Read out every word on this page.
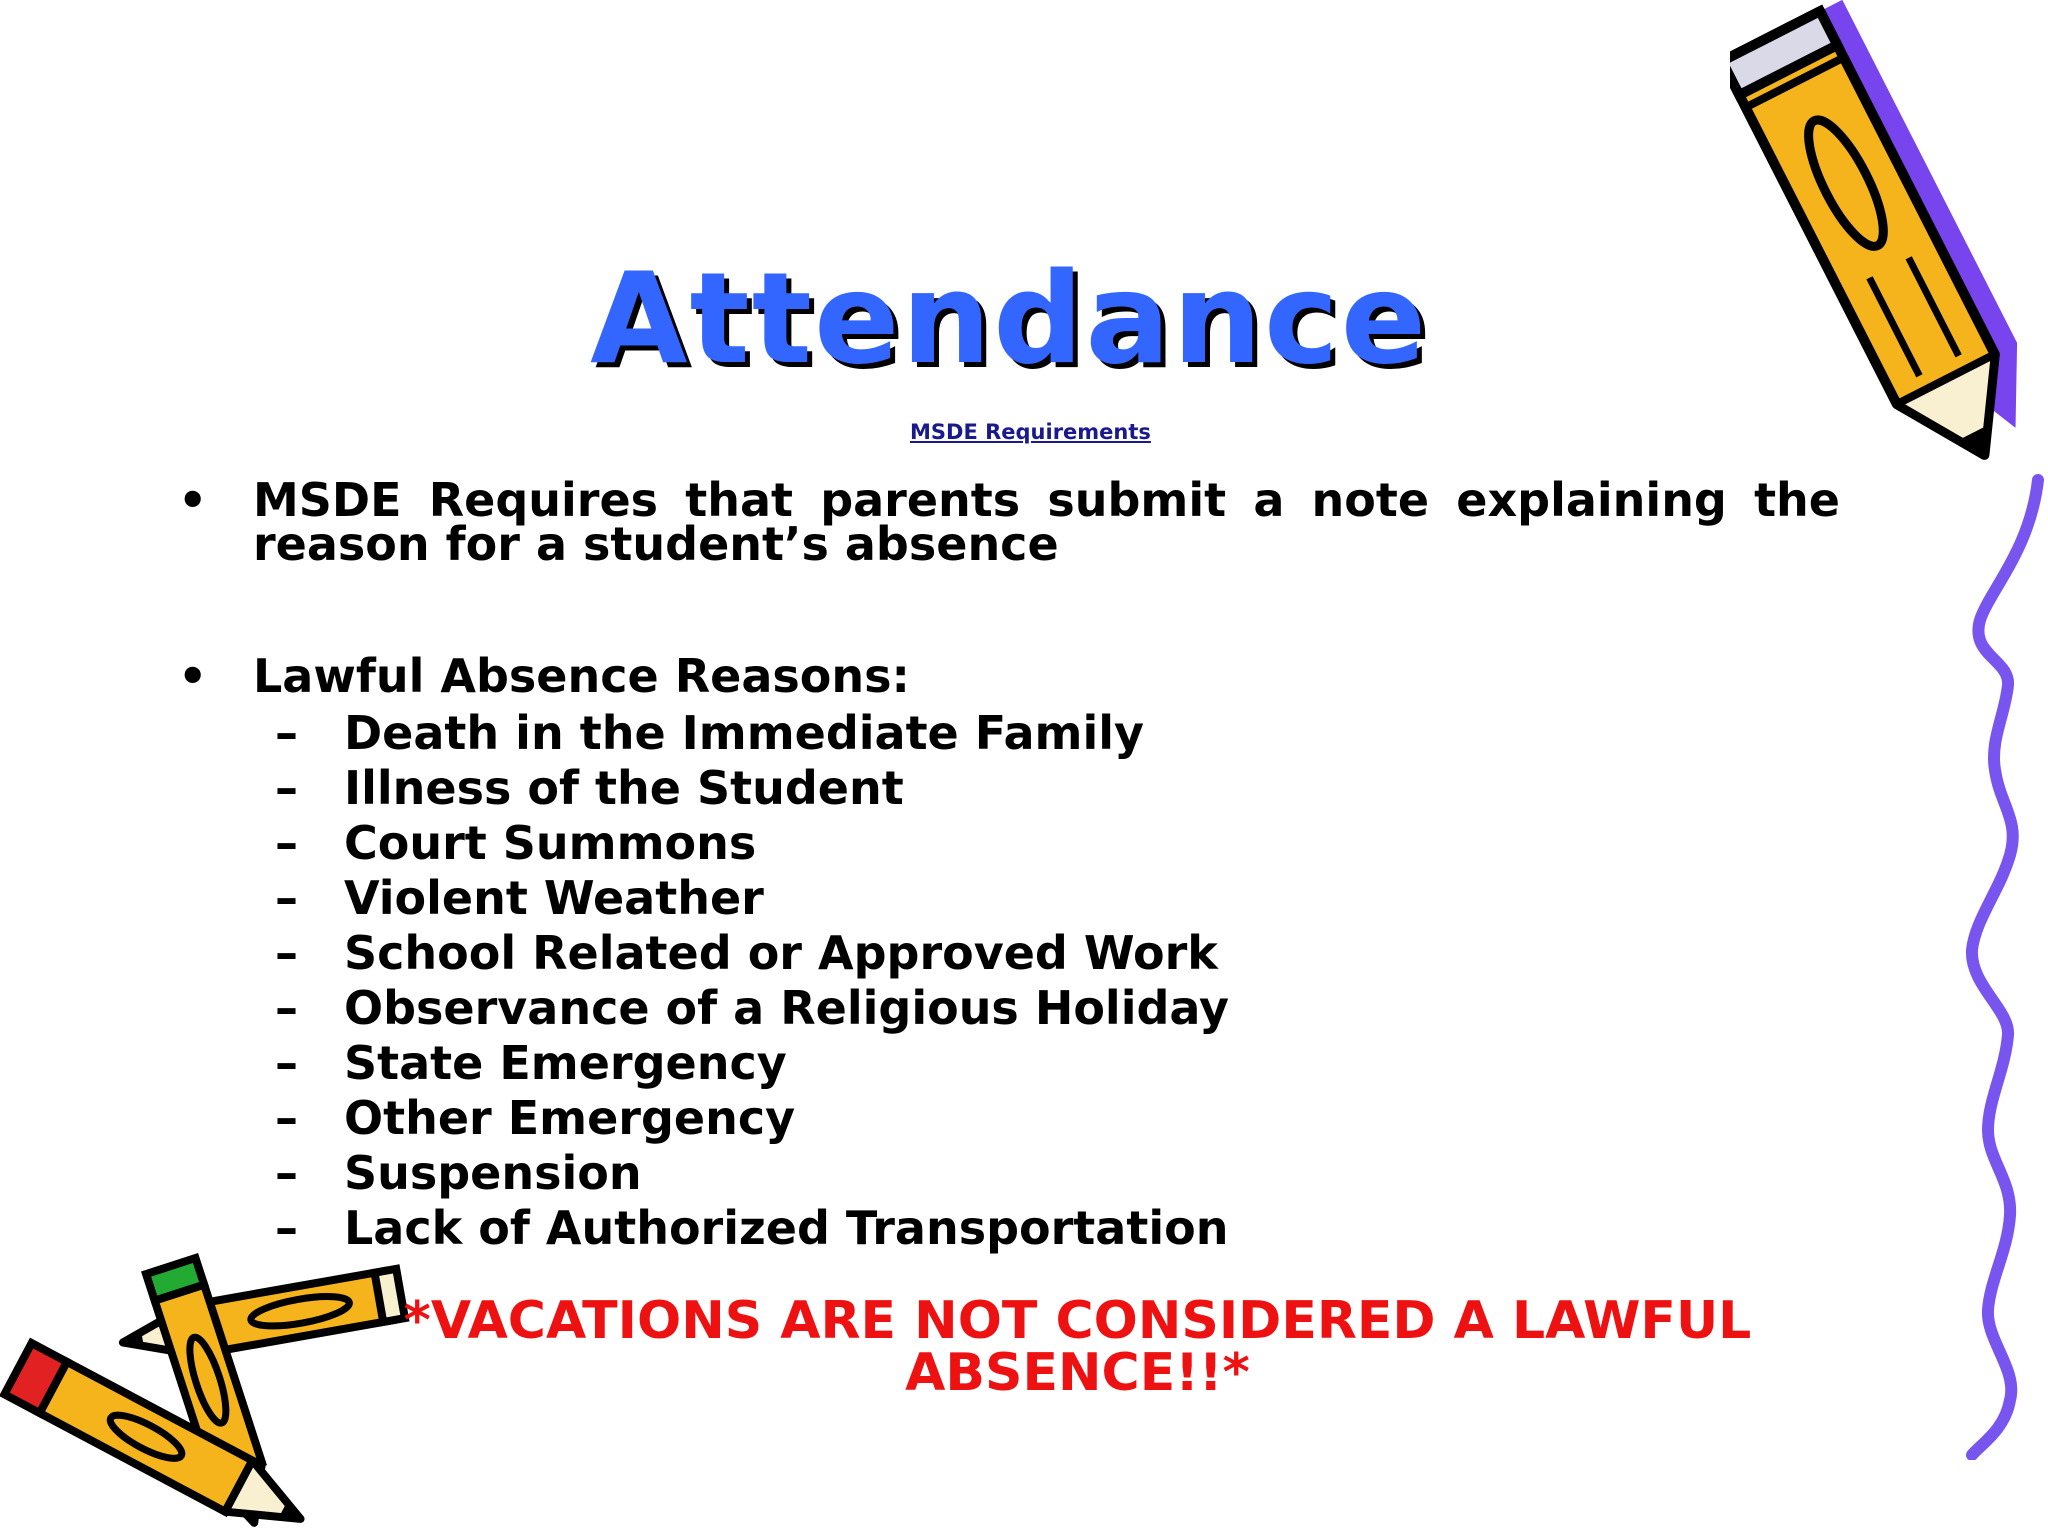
Attendance
MSDE Requirements
• MSDE Requires that parents submit a note explaining the reason for a student’s absence
• Lawful Absence Reasons:
– Death in the Immediate Family
– Illness of the Student
– Court Summons
– Violent Weather
– School Related or Approved Work
– Observance of a Religious Holiday
– State Emergency
– Other Emergency
– Suspension
– Lack of Authorized Transportation
*VACATIONS ARE NOT CONSIDERED A LAWFUL
ABSENCE!!*
